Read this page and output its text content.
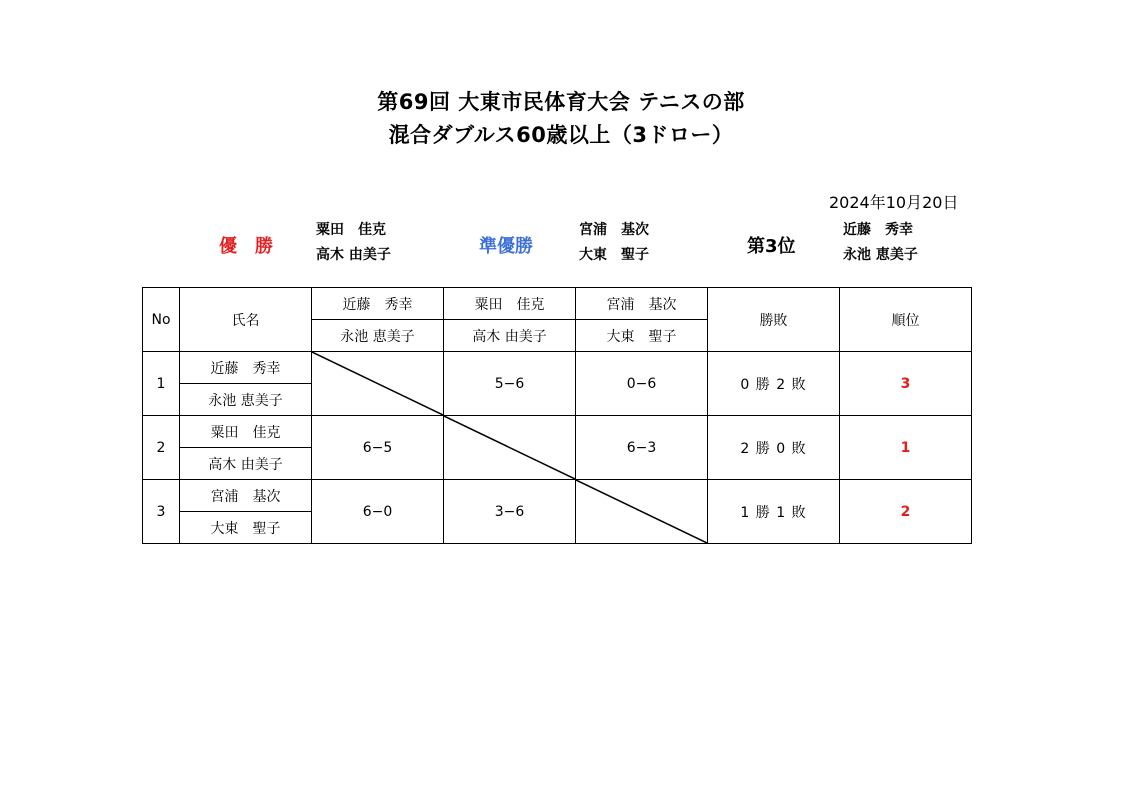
第69回 大東市民体育大会 テニスの部
混合ダブルス60歳以上（3ドロー）
2024年10月20日
優　勝
粟田　佳克
高木 由美子	準優勝
宮浦　基次
大東　聖子	第3位
近藤　秀幸
永池 恵美子
No	氏名	近藤　秀幸	粟田　佳克	宮浦　基次	勝敗	順位
		永池 恵美子	高木 由美子	大東　聖子		
1	近藤　秀幸		5−6	0−6	0 勝 2 敗	3
	永池 恵美子					
2	粟田　佳克	6−5		6−3	2 勝 0 敗	1
	高木 由美子					
3	宮浦　基次	6−0	3−6		1 勝 1 敗	2
	大東　聖子					
